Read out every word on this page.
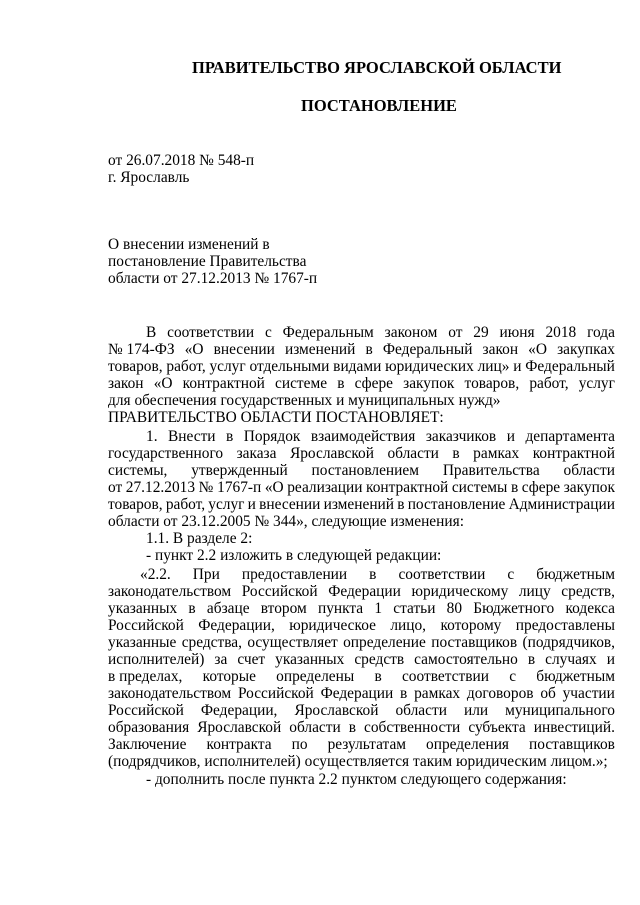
ПРАВИТЕЛЬСТВО ЯРОСЛАВСКОЙ ОБЛАСТИ
ПОСТАНОВЛЕНИЕ
от 26.07.2018 № 548-п
г. Ярославль
О внесении изменений в
постановление Правительства
области от 27.12.2013 № 1767-п
В соответствии с Федеральным законом от 29 июня 2018 года
№ 174-ФЗ «О внесении изменений в Федеральный закон «О закупках
товаров, работ, услуг отдельными видами юридических лиц» и Федеральный
закон «О контрактной системе в сфере закупок товаров, работ, услуг
для обеспечения государственных и муниципальных нужд»
ПРАВИТЕЛЬСТВО ОБЛАСТИ ПОСТАНОВЛЯЕТ:
1. Внести в Порядок взаимодействия заказчиков и департамента
государственного заказа Ярославской области в рамках контрактной
системы, утвержденный постановлением Правительства области
от 27.12.2013 № 1767-п «О реализации контрактной системы в сфере закупок
товаров, работ, услуг и внесении изменений в постановление Администрации
области от 23.12.2005 № 344», следующие изменения:
1.1. В разделе 2:
- пункт 2.2 изложить в следующей редакции:
«2.2. При предоставлении в соответствии с бюджетным
законодательством Российской Федерации юридическому лицу средств,
указанных в абзаце втором пункта 1 статьи 80 Бюджетного кодекса
Российской Федерации, юридическое лицо, которому предоставлены
указанные средства, осуществляет определение поставщиков (подрядчиков,
исполнителей) за счет указанных средств самостоятельно в случаях и
в пределах, которые определены в соответствии с бюджетным
законодательством Российской Федерации в рамках договоров об участии
Российской Федерации, Ярославской области или муниципального
образования Ярославской области в собственности субъекта инвестиций.
Заключение контракта по результатам определения поставщиков
(подрядчиков, исполнителей) осуществляется таким юридическим лицом.»;
- дополнить после пункта 2.2 пунктом следующего содержания:
